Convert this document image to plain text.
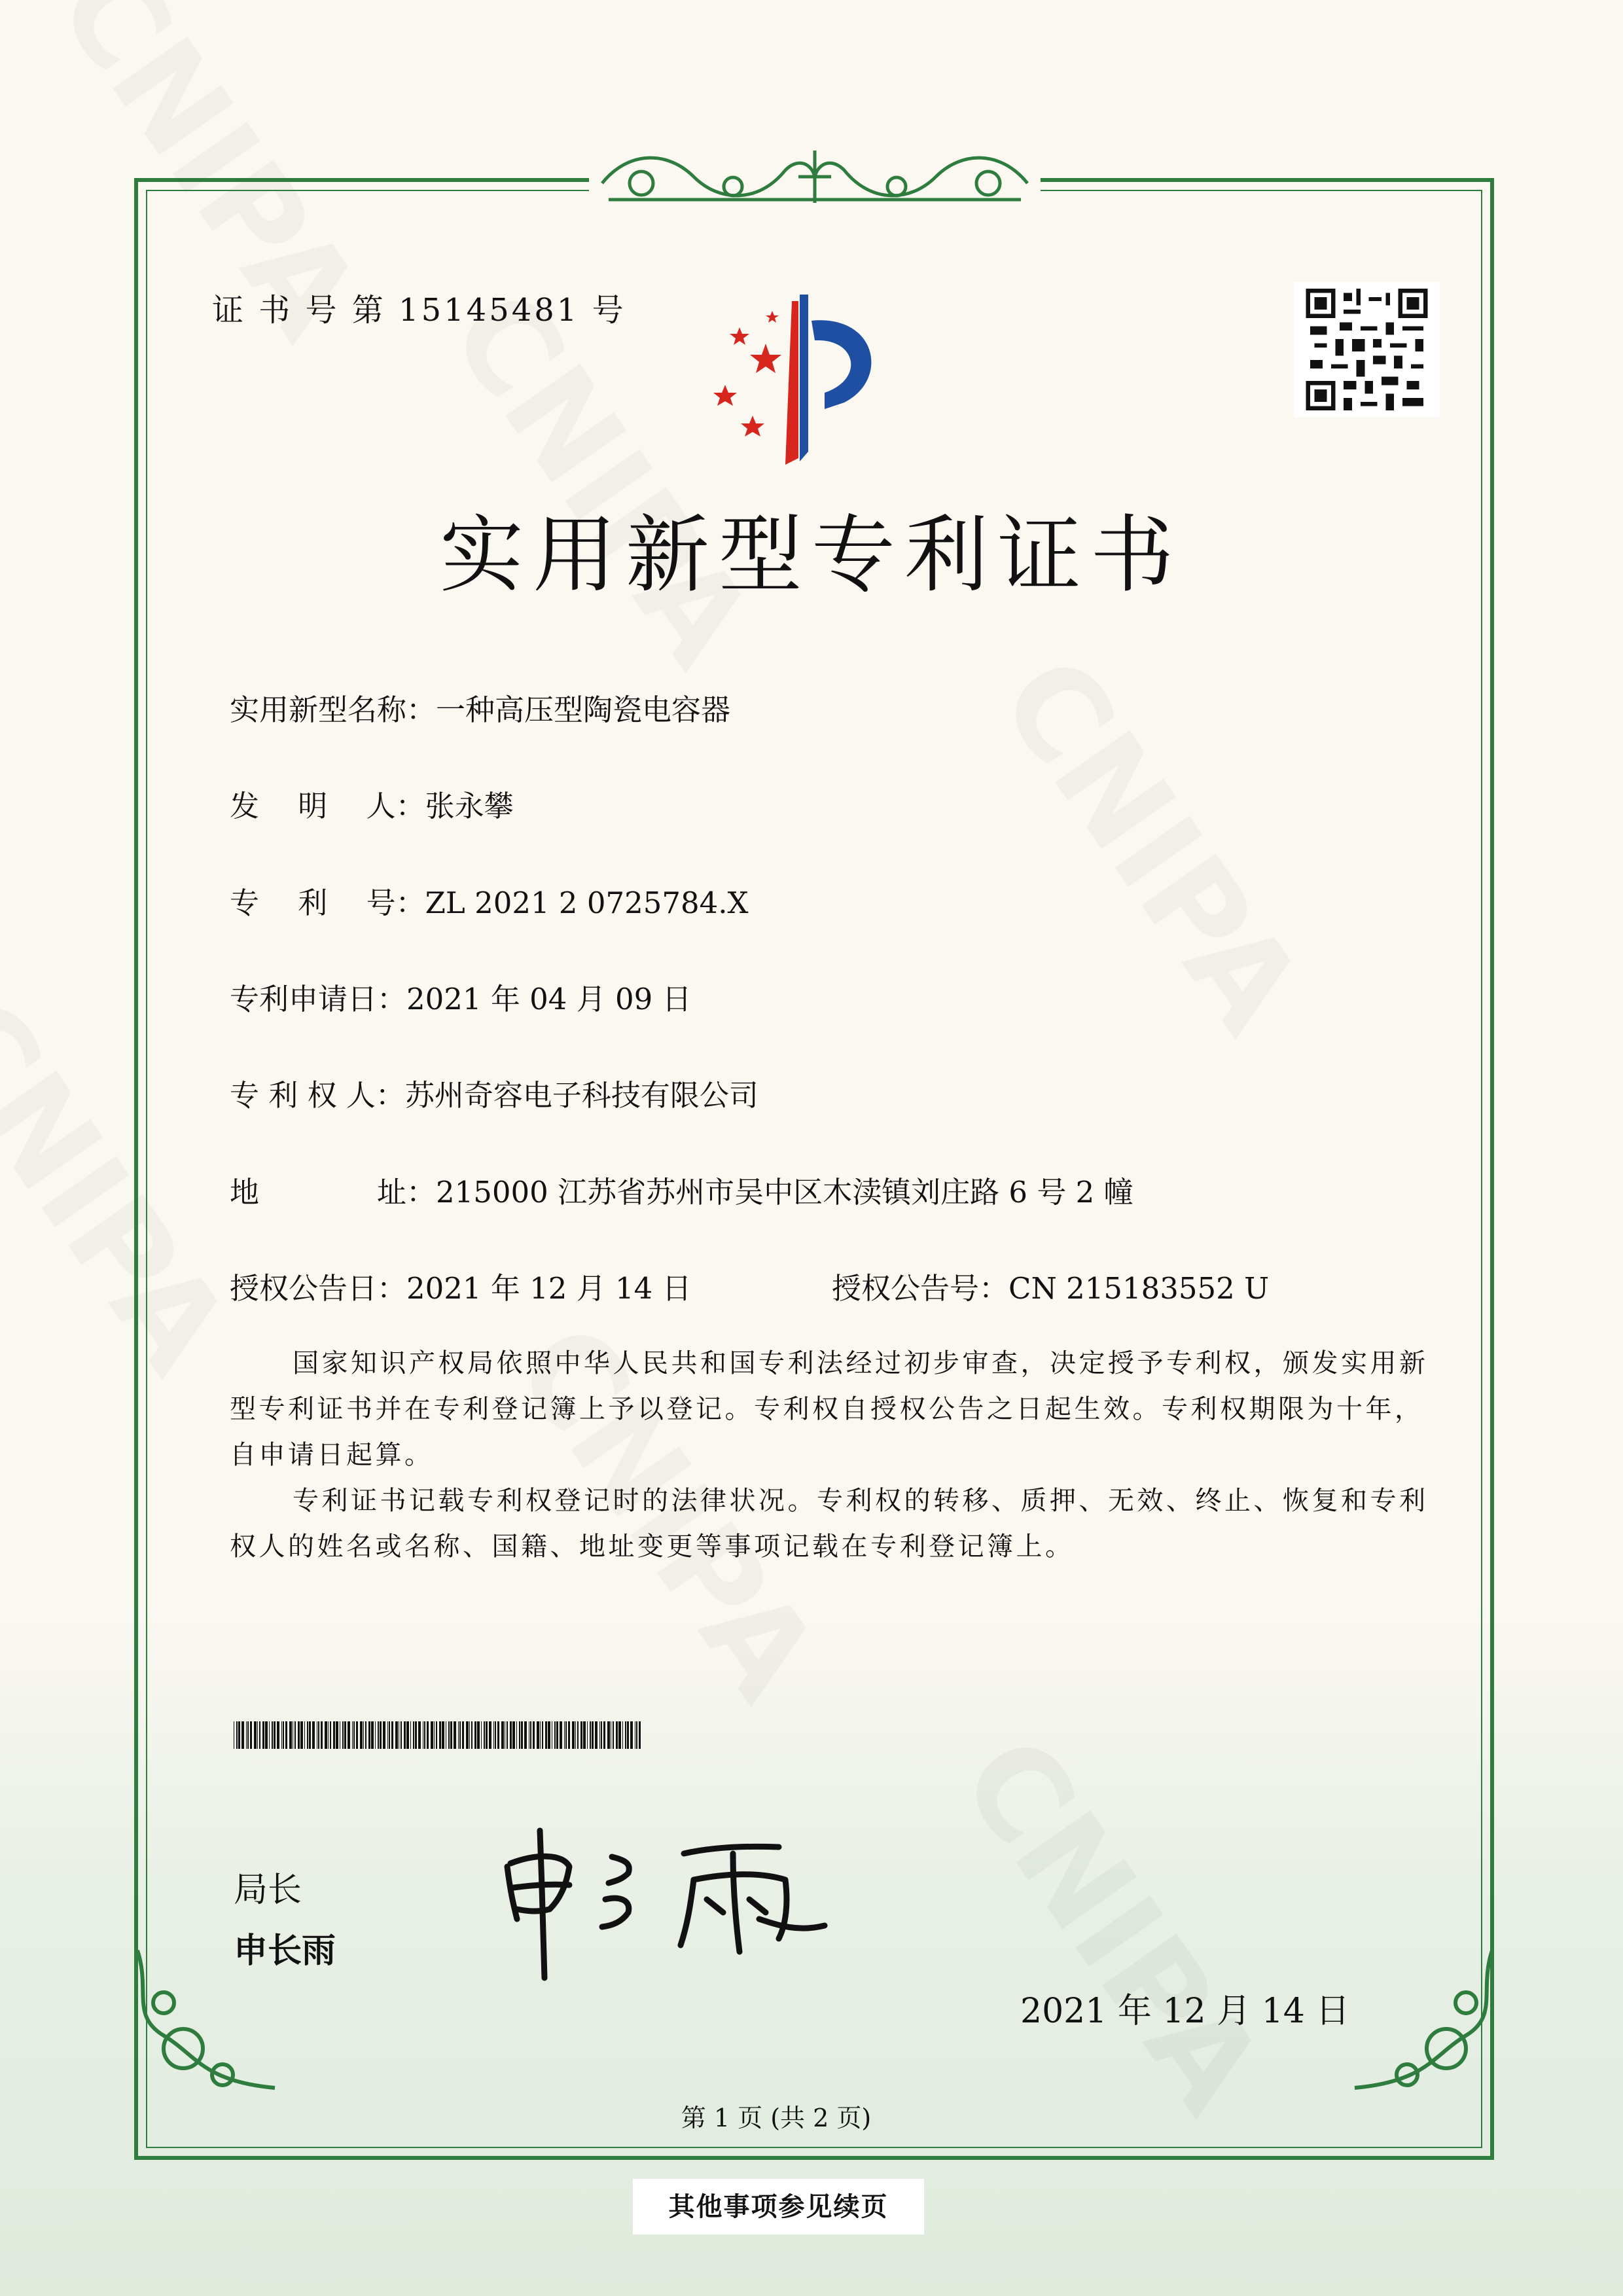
证 书 号 第 15145481 号
实用新型专利证书
实用新型名称：一种高压型陶瓷电容器
发　 明　 人：张永攀
专　 利　 号：ZL 2021 2 0725784.X
专利申请日：2021 年 04 月 09 日
专 利 权 人：苏州奇容电子科技有限公司
地　　　　址：215000 江苏省苏州市吴中区木渎镇刘庄路 6 号 2 幢
授权公告日：2021 年 12 月 14 日	授权公告号：CN 215183552 U

国家知识产权局依照中华人民共和国专利法经过初步审查，决定授予专利权，颁发实用新型专利证书并在专利登记簿上予以登记。专利权自授权公告之日起生效。专利权期限为十年，自申请日起算。

专利证书记载专利权登记时的法律状况。专利权的转移、质押、无效、终止、恢复和专利权人的姓名或名称、国籍、地址变更等事项记载在专利登记簿上。

局长
申长雨
2021 年 12 月 14 日
第 1 页 (共 2 页)
其他事项参见续页
